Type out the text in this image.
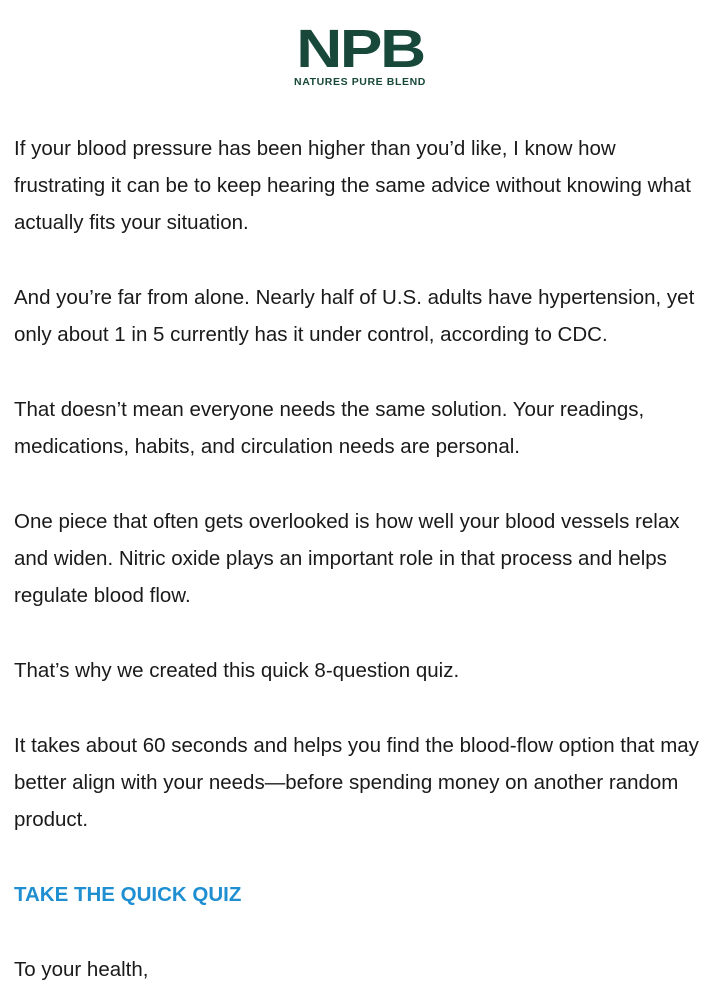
NPB
NATURES PURE BLEND

If your blood pressure has been higher than you’d like, I know how frustrating it can be to keep hearing the same advice without knowing what actually fits your situation.

And you’re far from alone. Nearly half of U.S. adults have hypertension, yet only about 1 in 5 currently has it under control, according to CDC.

That doesn’t mean everyone needs the same solution. Your readings, medications, habits, and circulation needs are personal.

One piece that often gets overlooked is how well your blood vessels relax and widen. Nitric oxide plays an important role in that process and helps regulate blood flow.

That’s why we created this quick 8-question quiz.

It takes about 60 seconds and helps you find the blood-flow option that may better align with your needs—before spending money on another random product.

TAKE THE QUICK QUIZ

To your health,
